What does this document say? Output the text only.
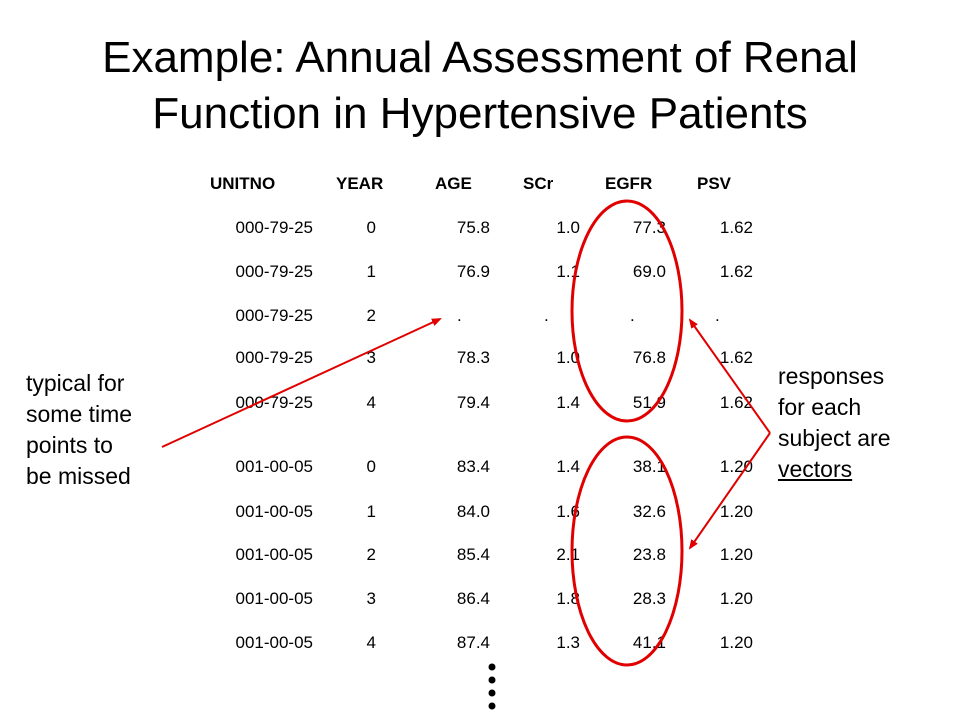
Example: Annual Assessment of Renal
Function in Hypertensive Patients
UNITNO	YEAR	AGE	SCr	EGFR	PSV
000-79-25	0	75.8	1.0	77.3	1.62
000-79-25	1	76.9	1.1	69.0	1.62
000-79-25	2	.	.	.	.
000-79-25	3	78.3	1.0	76.8	1.62
000-79-25	4	79.4	1.4	51.9	1.62
001-00-05	0	83.4	1.4	38.1	1.20
001-00-05	1	84.0	1.6	32.6	1.20
001-00-05	2	85.4	2.1	23.8	1.20
001-00-05	3	86.4	1.8	28.3	1.20
001-00-05	4	87.4	1.3	41.1	1.20
typical for
some time
points to
be missed
responses
for each
subject are
vectors
